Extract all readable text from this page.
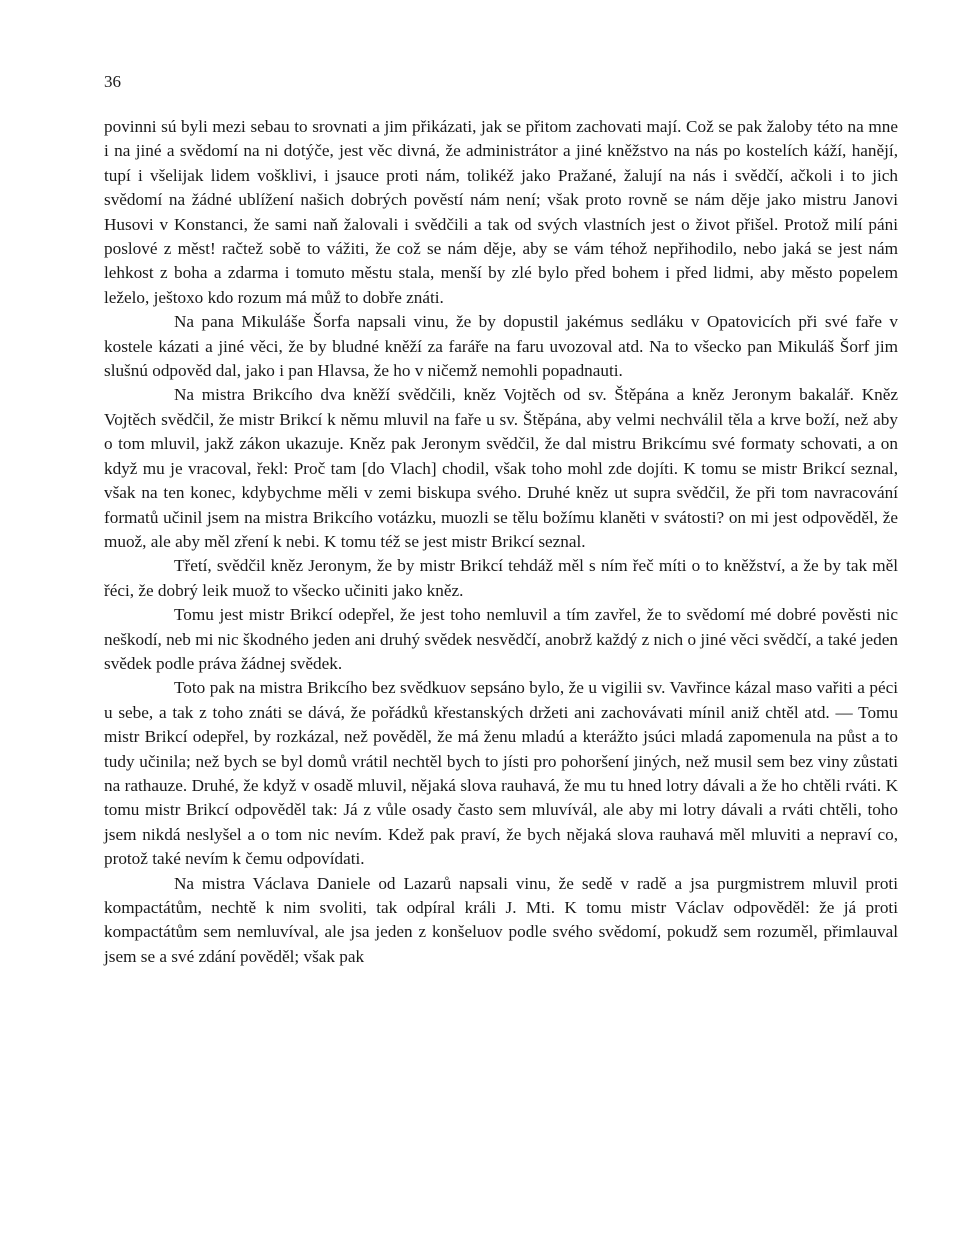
36

povinni sú byli mezi sebau to srovnati a jim přikázati, jak se přitom zachovati mají. Což se pak žaloby této na mne i na jiné a svědomí na ni dotýče, jest věc divná, že administrátor a jiné kněžstvo na nás po kostelích káží, hanějí, tupí i všelijak lidem vošklivi, i jsauce proti nám, tolikéž jako Pražané, žalují na nás i svědčí, ačkoli i to jich svědomí na žádné ublížení našich dobrých pověstí nám není; však proto rovně se nám děje jako mistru Janovi Husovi v Konstanci, že sami naň žalovali i svědčili a tak od svých vlastních jest o život přišel. Protož milí páni poslové z měst! račtež sobě to vážiti, že což se nám děje, aby se vám téhož nepřihodilo, nebo jaká se jest nám lehkost z boha a zdarma i tomuto městu stala, menší by zlé bylo před bohem i před lidmi, aby město popelem leželo, ještoxo kdo rozum má můž to dobře znáti.

Na pana Mikuláše Šorfa napsali vinu, že by dopustil jakémus sedláku v Opatovicích při své faře v kostele kázati a jiné věci, že by bludné kněží za faráře na faru uvozoval atd. Na to všecko pan Mikuláš Šorf jim slušnú odpověd dal, jako i pan Hlavsa, že ho v ničemž nemohli popadnauti.

Na mistra Brikcího dva kněží svědčili, kněz Vojtěch od sv. Štěpána a kněz Jeronym bakalář. Kněz Vojtěch svědčil, že mistr Brikcí k němu mluvil na faře u sv. Štěpána, aby velmi nechválil těla a krve boží, než aby o tom mluvil, jakž zákon ukazuje. Kněz pak Jeronym svědčil, že dal mistru Brikcímu své formaty schovati, a on když mu je vracoval, řekl: Proč tam [do Vlach] chodil, však toho mohl zde dojíti. K tomu se mistr Brikcí seznal, však na ten konec, kdybychme měli v zemi biskupa svého. Druhé kněz ut supra svědčil, že při tom navracování formatů učinil jsem na mistra Brikcího votázku, muozli se tělu božímu klaněti v svátosti? on mi jest odpověděl, že muož, ale aby měl zření k nebi. K tomu též se jest mistr Brikcí seznal.

Třetí, svědčil kněz Jeronym, že by mistr Brikcí tehdáž měl s ním řeč míti o to kněžství, a že by tak měl řéci, že dobrý leik muož to všecko učiniti jako kněz.

Tomu jest mistr Brikcí odepřel, že jest toho nemluvil a tím zavřel, že to svědomí mé dobré pověsti nic neškodí, neb mi nic škodného jeden ani druhý svědek nesvědčí, anobrž každý z nich o jiné věci svědčí, a také jeden svědek podle práva žádnej svědek.

Toto pak na mistra Brikcího bez svědkuov sepsáno bylo, že u vigilii sv. Vavřince kázal maso vařiti a péci u sebe, a tak z toho znáti se dává, že pořádků křestanských držeti ani zachovávati mínil aniž chtěl atd. — Tomu mistr Brikcí odepřel, by rozkázal, než pověděl, že má ženu mladú a kterážto jsúci mladá zapomenula na půst a to tudy učinila; než bych se byl domů vrátil nechtěl bych to jísti pro pohoršení jiných, než musil sem bez viny zůstati na rathauze. Druhé, že když v osadě mluvil, nějaká slova rauhavá, že mu tu hned lotry dávali a že ho chtěli rváti. K tomu mistr Brikcí odpověděl tak: Já z vůle osady často sem mluvívál, ale aby mi lotry dávali a rváti chtěli, toho jsem nikdá neslyšel a o tom nic nevím. Kdež pak praví, že bych nějaká slova rauhavá měl mluviti a nepraví co, protož také nevím k čemu odpovídati.

Na mistra Václava Daniele od Lazarů napsali vinu, že sedě v radě a jsa purgmistrem mluvil proti kompactátům, nechtě k nim svoliti, tak odpíral králi J. Mti. K tomu mistr Václav odpověděl: že já proti kompactátům sem nemluvíval, ale jsa jeden z konšeluov podle svého svědomí, pokudž sem rozuměl, přimlauval jsem se a své zdání pověděl; však pak
